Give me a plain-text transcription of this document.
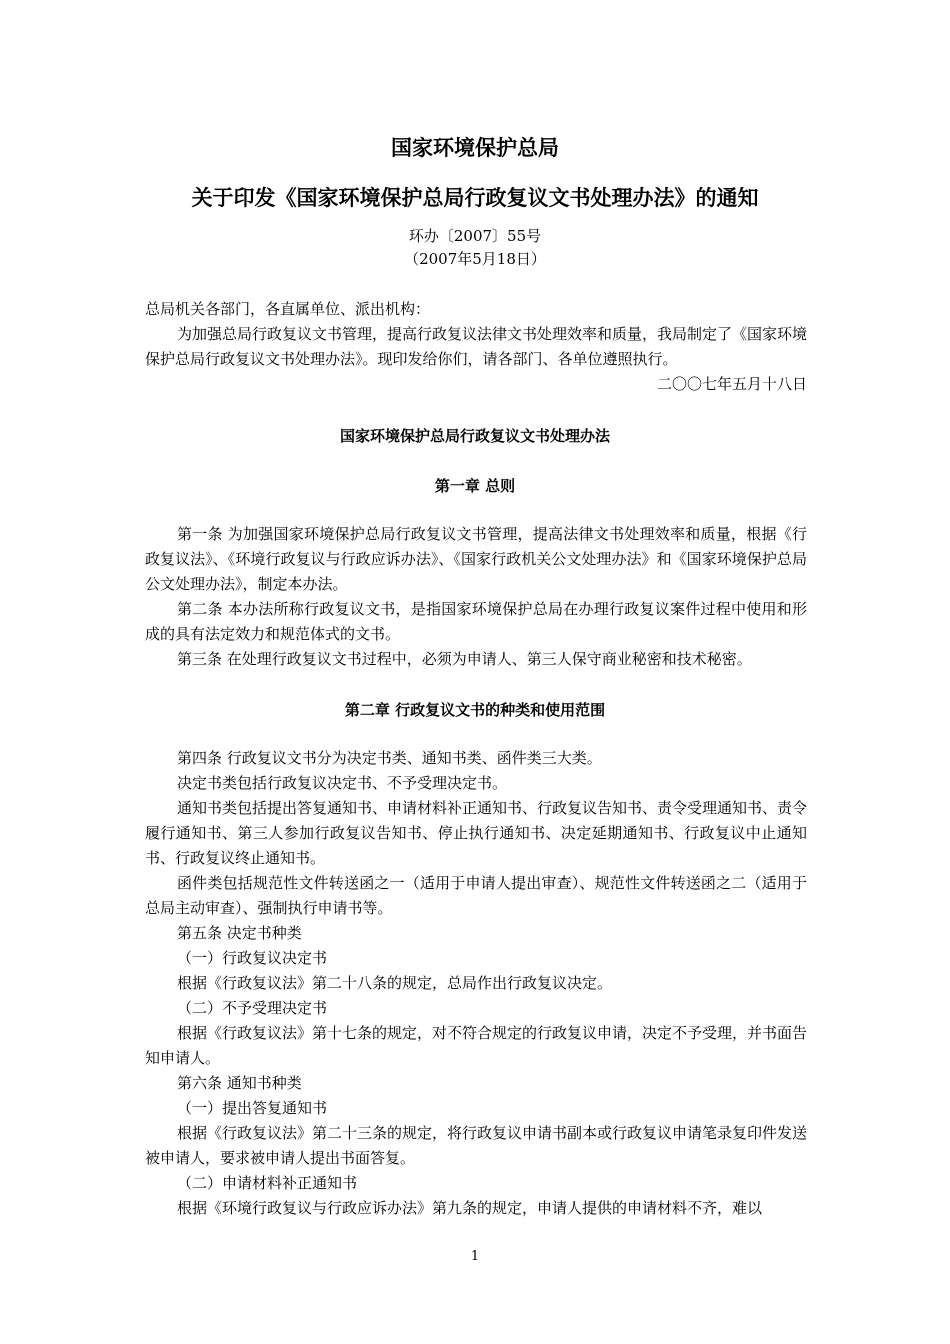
国家环境保护总局
关于印发《国家环境保护总局行政复议文书处理办法》的通知
环办〔2007〕55号
（2007年5月18日）

总局机关各部门，各直属单位、派出机构：

为加强总局行政复议文书管理，提高行政复议法律文书处理效率和质量，我局制定了《国家环境保护总局行政复议文书处理办法》。现印发给你们，请各部门、各单位遵照执行。

二〇〇七年五月十八日

国家环境保护总局行政复议文书处理办法
第一章 总则

第一条 为加强国家环境保护总局行政复议文书管理，提高法律文书处理效率和质量，根据《行政复议法》、《环境行政复议与行政应诉办法》、《国家行政机关公文处理办法》和《国家环境保护总局公文处理办法》，制定本办法。

第二条 本办法所称行政复议文书，是指国家环境保护总局在办理行政复议案件过程中使用和形成的具有法定效力和规范体式的文书。

第三条 在处理行政复议文书过程中，必须为申请人、第三人保守商业秘密和技术秘密。

第二章 行政复议文书的种类和使用范围

第四条 行政复议文书分为决定书类、通知书类、函件类三大类。

决定书类包括行政复议决定书、不予受理决定书。

通知书类包括提出答复通知书、申请材料补正通知书、行政复议告知书、责令受理通知书、责令履行通知书、第三人参加行政复议告知书、停止执行通知书、决定延期通知书、行政复议中止通知书、行政复议终止通知书。

函件类包括规范性文件转送函之一（适用于申请人提出审查）、规范性文件转送函之二（适用于总局主动审查）、强制执行申请书等。

第五条 决定书种类

（一）行政复议决定书

根据《行政复议法》第二十八条的规定，总局作出行政复议决定。

（二）不予受理决定书

根据《行政复议法》第十七条的规定，对不符合规定的行政复议申请，决定不予受理，并书面告知申请人。

第六条 通知书种类

（一）提出答复通知书

根据《行政复议法》第二十三条的规定，将行政复议申请书副本或行政复议申请笔录复印件发送被申请人，要求被申请人提出书面答复。

（二）申请材料补正通知书

根据《环境行政复议与行政应诉办法》第九条的规定，申请人提供的申请材料不齐，难以

1
